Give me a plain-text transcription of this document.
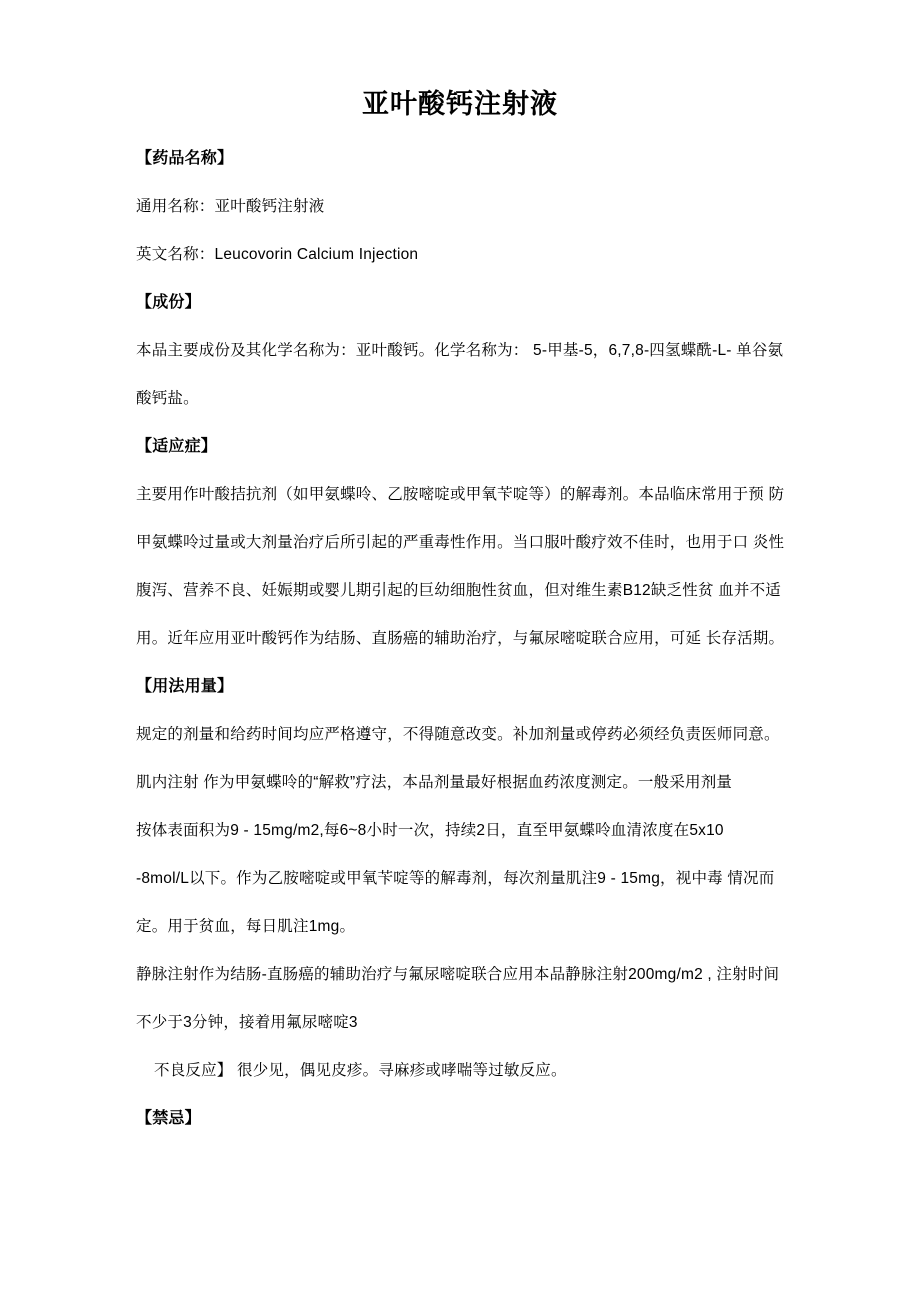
亚叶酸钙注射液
【药品名称】
通用名称：亚叶酸钙注射液
英文名称：Leucovorin Calcium Injection
【成份】
本品主要成份及其化学名称为：亚叶酸钙。化学名称为： 5-甲基-5，6,7,8-四氢蝶酰-L- 单谷氨
酸钙盐。
【适应症】
主要用作叶酸拮抗剂（如甲氨蝶呤、乙胺嘧啶或甲氧苄啶等）的解毒剂。本品临床常用于预 防
甲氨蝶呤过量或大剂量治疗后所引起的严重毒性作用。当口服叶酸疗效不佳时，也用于口 炎性
腹泻、营养不良、妊娠期或婴儿期引起的巨幼细胞性贫血，但对维生素B12缺乏性贫 血并不适
用。近年应用亚叶酸钙作为结肠、直肠癌的辅助治疗，与氟尿嘧啶联合应用，可延 长存活期。
【用法用量】
规定的剂量和给药时间均应严格遵守，不得随意改变。补加剂量或停药必须经负责医师同意。
肌内注射 作为甲氨蝶呤的“解救”疗法，本品剂量最好根据血药浓度测定。一般采用剂量
按体表面积为9 - 15mg/m2,每6~8小时一次，持续2日，直至甲氨蝶呤血清浓度在5x10
-8mol/L以下。作为乙胺嘧啶或甲氧苄啶等的解毒剂，每次剂量肌注9 - 15mg，视中毒 情况而
定。用于贫血，每日肌注1mg。
静脉注射作为结肠-直肠癌的辅助治疗与氟尿嘧啶联合应用本品静脉注射200mg/m2 , 注射时间
不少于3分钟，接着用氟尿嘧啶3
不良反应】 很少见，偶见皮疹。寻麻疹或哮喘等过敏反应。
【禁忌】
